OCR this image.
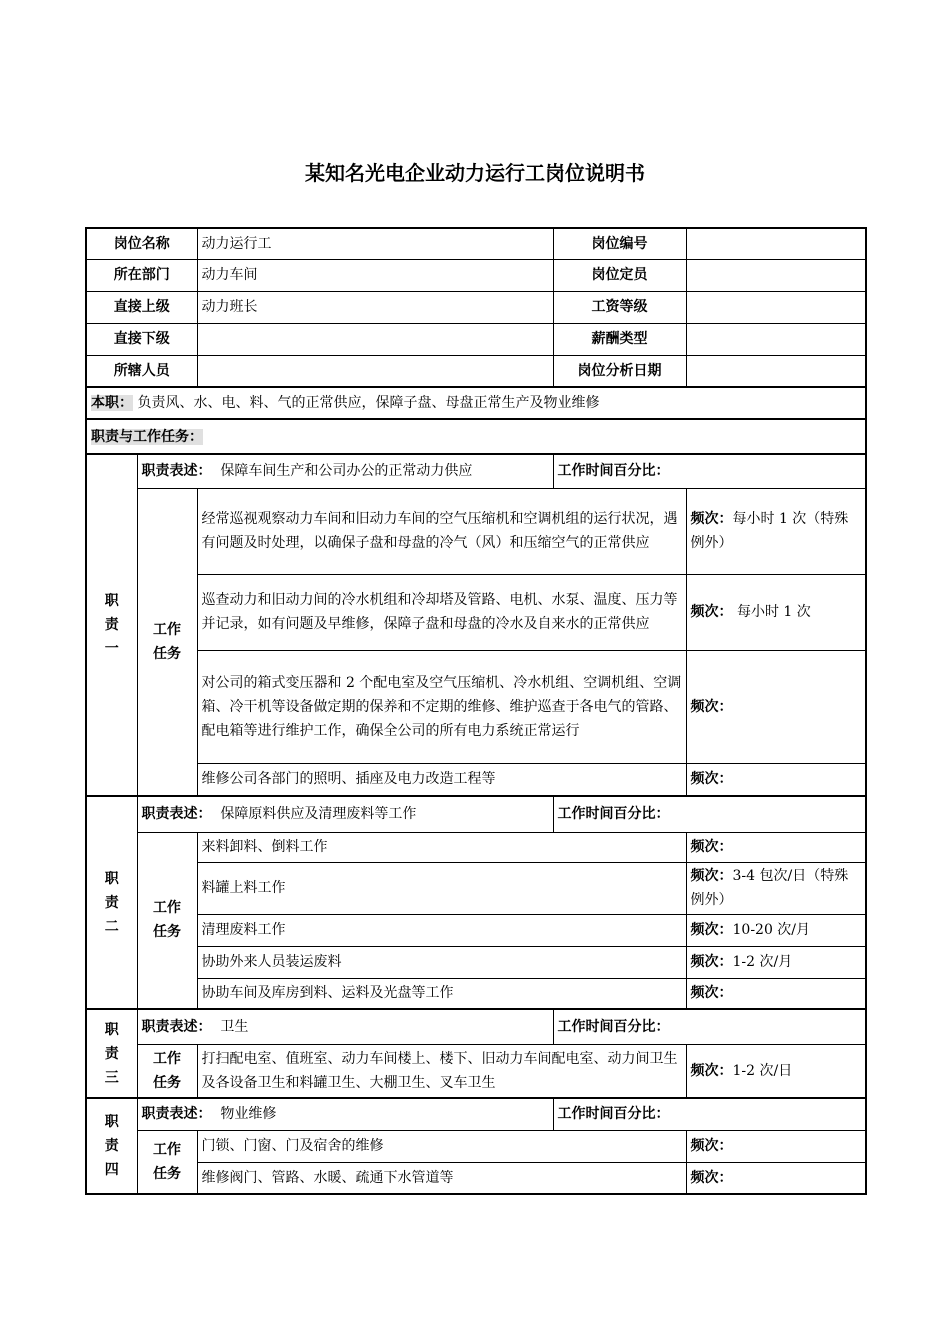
某知名光电企业动力运行工岗位说明书
岗位名称		动力运行工	岗位编号	
所在部门		动力车间	岗位定员	
直接上级		动力班长	工资等级	
直接下级			薪酬类型	
所辖人员			岗位分析日期	
本职： 负责风、水、电、料、气的正常供应，保障子盘、母盘正常生产及物业维修				
职责与工作任务：				
职责一	职责表述： 保障车间生产和公司办公的正常动力供应		工作时间百分比：	
	工作任务	经常巡视观察动力车间和旧动力车间的空气压缩机和空调机组的运行状况，遇有问题及时处理，以确保子盘和母盘的冷气（风）和压缩空气的正常供应		频次：每小时 1 次（特殊例外）
		巡查动力和旧动力间的冷水机组和冷却塔及管路、电机、水泵、温度、压力等并记录，如有问题及早维修，保障子盘和母盘的冷水及自来水的正常供应		频次： 每小时 1 次
		对公司的箱式变压器和 2 个配电室及空气压缩机、冷水机组、空调机组、空调箱、冷干机等设备做定期的保养和不定期的维修、维护巡查于各电气的管路、配电箱等进行维护工作，确保全公司的所有电力系统正常运行		频次：
		维修公司各部门的照明、插座及电力改造工程等		频次：
职责二	职责表述： 保障原料供应及清理废料等工作		工作时间百分比：	
	工作任务	来料卸料、倒料工作		频次：
		料罐上料工作		频次：3-4 包次/日（特殊例外）
		清理废料工作		频次：10-20 次/月
		协助外来人员装运废料		频次：1-2 次/月
		协助车间及库房到料、运料及光盘等工作		频次：
职责三	职责表述： 卫生		工作时间百分比：	
	工作任务	打扫配电室、值班室、动力车间楼上、楼下、旧动力车间配电室、动力间卫生及各设备卫生和料罐卫生、大棚卫生、叉车卫生		频次：1-2 次/日
职责四	职责表述： 物业维修		工作时间百分比：	
	工作任务	门锁、门窗、门及宿舍的维修		频次：
		维修阀门、管路、水暖、疏通下水管道等		频次：
